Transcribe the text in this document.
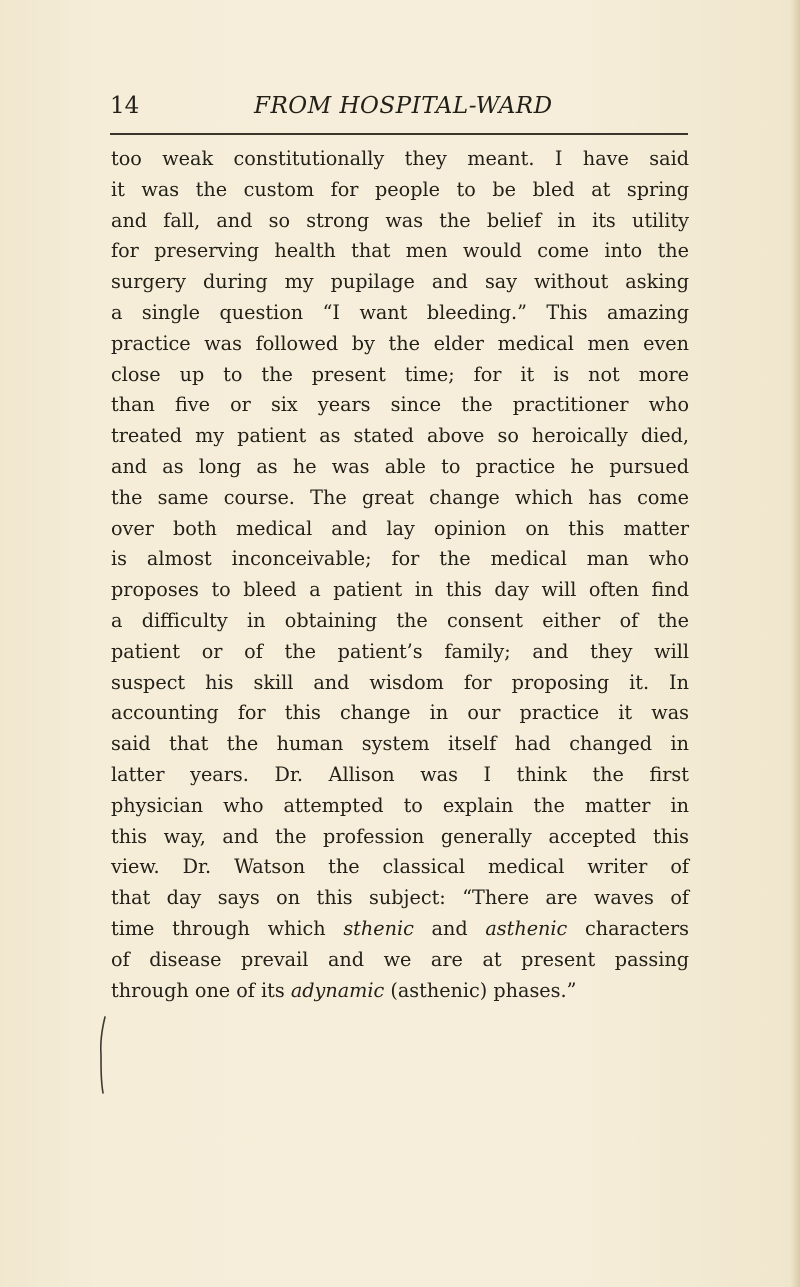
14	FROM HOSPITAL-WARD
too weak constitutionally they meant. I have said
it was the custom for people to be bled at spring
and fall, and so strong was the belief in its utility
for preserving health that men would come into the
surgery during my pupilage and say without asking
a single question “I want bleeding.” This amazing
practice was followed by the elder medical men even
close up to the present time; for it is not more
than five or six years since the practitioner who
treated my patient as stated above so heroically died,
and as long as he was able to practice he pursued
the same course. The great change which has come
over both medical and lay opinion on this matter
is almost inconceivable; for the medical man who
proposes to bleed a patient in this day will often find
a difficulty in obtaining the consent either of the
patient or of the patient’s family; and they will
suspect his skill and wisdom for proposing it. In
accounting for this change in our practice it was
said that the human system itself had changed in
latter years. Dr. Allison was I think the first
physician who attempted to explain the matter in
this way, and the profession generally accepted this
view. Dr. Watson the classical medical writer of
that day says on this subject: “There are waves of
time through which sthenic and asthenic characters
of disease prevail and we are at present passing
through one of its adynamic (asthenic) phases.”
